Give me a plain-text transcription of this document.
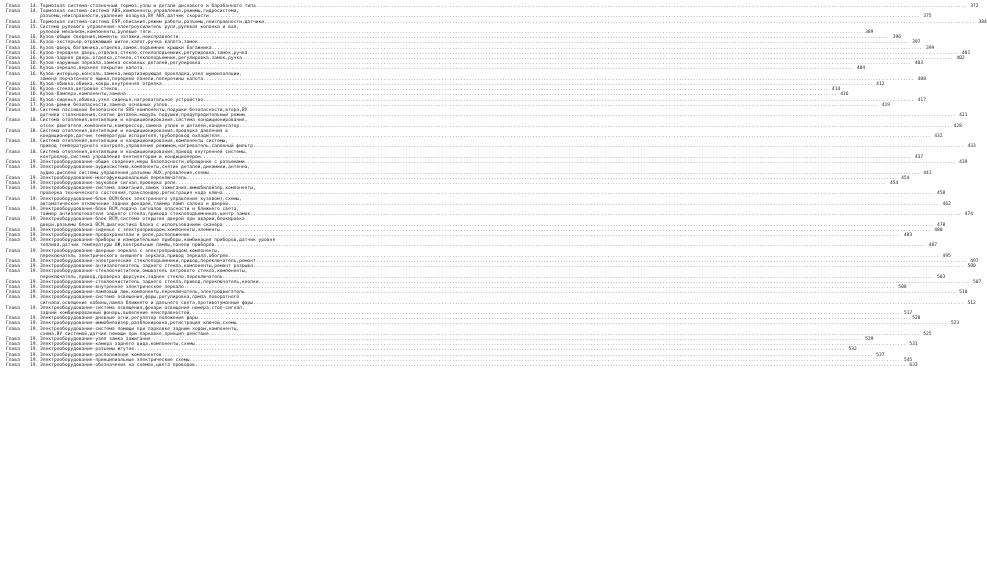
Глава	14. Тормозная система-стояночный тормоз,узлы и детали дискового и барабанного типа .....	372
Глава	14. Тормозная система-система ABS,компоненты,управление,режимы,гидросистема,
разъемы,неисправности,удаление воздуха,BV ABS,датчик скорости .....	375
Глава	14. Тормозная система-система ESP,описание,режим работы,разъемы,неисправности,датчики .....	384
Глава	15. Система рулевого управления-электроусилитель руля,рулевая колонка и вал,
рулевой механизм,компоненты,рулевые тяги .....	389
Глава	16. Кузов-общие сведения,моменты затяжки,неисправности .....	396
Глава	16. Кузов-экстерьер,отражающий шиток,капот,ручка капота,замок .....	397
Глава	16. Кузов-дверь багажника,отделка,замок,подъемник крышки багажника .....	399
Глава	16. Кузов-передняя дверь,отделка,стекло,стеклоподъемник,регулировка,замок,ручка .....	401
Глава	16. Кузов-задняя дверь,отделка,стекло,стеклоподъемник,регулировка,замок,ручка .....	402
Глава	16. Кузов-наружный зеркала,замена основных деталей,регулировка .....	403
Глава	16. Кузов-зеркало,верхнее покрытие капота .....	404
Глава	16. Кузов-интерьер,консоль,замена,амортизирующая прокладка,узел шумоизоляции,
замена перчаточного ящика,передней панели,поперечины капота .....	408
Глава	16. Кузов-обивка,обивка,ковры,внутренняя отделка .....	412
Глава	16. Кузов-стекла,ветровое стекло .....	414
Глава	16. Кузов-бампера,компоненты,замена .....	416
Глава	16. Кузов-сиденья,обивка,узел сиденья,нагревательное устройство .....	417
Глава	17. Кузов-ремни безопасности,замена основных узлов .....	419
Глава	18. Система пассивной безопасности SRS-компоненты,подушки безопасности,втора,ВУ
датчики столкновения,снятие деталей,модуль подушки,предупредительный режим .....	421
Глава	18. Система отопления,вентиляции и кондиционирования,система кондиционирования,
отсек двигателя,компоненты,компрессор,замена узлов и деталей,конденсатор .....	428
Глава	18. Система отопления,вентиляции и кондиционирования,проверка давления в
кондиционере,датчик температуры испарителя,трубопровод охладителя .....	432
Глава	18. Система отопления,вентиляции и кондиционирования,компоненты системы,
привод температурного контроля,управление режимом,нагреватель,салонный фильтр .....	433
Глава	18. Система отопления,вентиляции и кондиционирования,привод внутренней системы,
контроллер,система управления вентилятором и кондиционером .....	437
Глава	19. Электрооборудование-общие сведения,меры безопасности,обращение с разъемами .....	439
Глава	19. Электрооборудование-аудиосистема,компоненты,снятие деталей,динамики,антенна,
аудио,дисплей системы управления,разъемы AUX,управление,схемы .....	441
Глава	19. Электрооборудование-многофункциональный переключатель .....	454
Глава	19. Электрооборудование-звуковой сигнал,проверка реле .....	454
Глава	19. Электрооборудование-система зажигания,замок зажигания,иммобилайзер,компоненты,
проверка технического состояния,транспондер,регистрация кода ключа .....	458
Глава	19. Электрооборудование-блок BCM(блок электронного управления кузовом),схемы,
автоматическое отключение задних фонарей,таймер ламп салона и дверей .....	462
Глава	19. Электрооборудование-блок BCM,подача сигналов опасности и ближнего света,
таймер антизапотевателя заднего стекла,привода стеклоподъемников,центр.замок .....	474
Глава	19. Электрооборудование-блок BCM,система открытия дверей при аварии,блокировка
двери,разъемы блока BCM,диагностика блока с использованием сканера .....	478
Глава	19. Электрооборудование-сиденье с электроприводом,компоненты,элементы .....	480
Глава	19. Электрооборудование-предохранители и реле,расположение .....	483
Глава	19. Электрооборудование-приборы и измерительные приборы,комбинация приборов,датчик уровня
топлива,датчик температуры ОЖ,контрольные лампы,панели приборов .....	487
Глава	19. Электрооборудование-дверные зеркала с электроприводом,компоненты,
переключатель электрического внешнего зеркала,привод зеркала,обогрев .....	495
Глава	19. Электрооборудование-электрические стеклоподъемники,привод,переключатель,ремонт .....	497
Глава	19. Электрооборудование-антизапотеватель заднего стекла,компоненты,ремонт разрыва .....	500
Глава	19. Электрооборудование-стеклоочистители,омыватель ветрового стекла,компоненты,
переключатель,привод,проверка форсунок,заднее стекло,переключатель .....	503
Глава	19. Электрооборудование-стеклоочиститель заднего стекла,привод,переключатель,кнопки .....	507
Глава	19. Электрооборудование-внутреннее электрическое зеркало .....	508
Глава	19. Электрооборудование-ламповый люк,компоненты,переключатель,электродвигатель .....	510
Глава	19. Электрооборудование-система освещения,фары,регулировка,лампа поворотного
сигнала,освещение кабины,лампа ближнего и дальнего света,противотуманные фары .....	512
Глава	19. Электрооборудование-система освещения,фонари освещения номера,стоп-сигнал,
задний комбинированный фонарь,выявление неисправностей .....	517
Глава	19. Электрооборудование-дневные огни,регулятор положения фары .....	520
Глава	19. Электрооборудование-иммобилайзер,разблокировка,регистрация ключей,схемы .....	523
Глава	19. Электрооборудование-система помощи при парковке задним ходом,компоненты,
схема,ВУ системой,датчик помощи при парковке,принцип действия .....	525
Глава	19. Электрооборудование-узел замка зажигания .....	529
Глава	19. Электрооборудование-камера заднего вида,компоненты,схемы .....	531
Глава	19. Электрооборудование-разъемы жгутов .....	532
Глава	19. Электрооборудование-расположение компонентов .....	537
Глава	19. Электрооборудование-принципиальные электрические схемы .....	545
Глава	19. Электрооборудование-обозначения на схемах,цвета проводов .....	633
